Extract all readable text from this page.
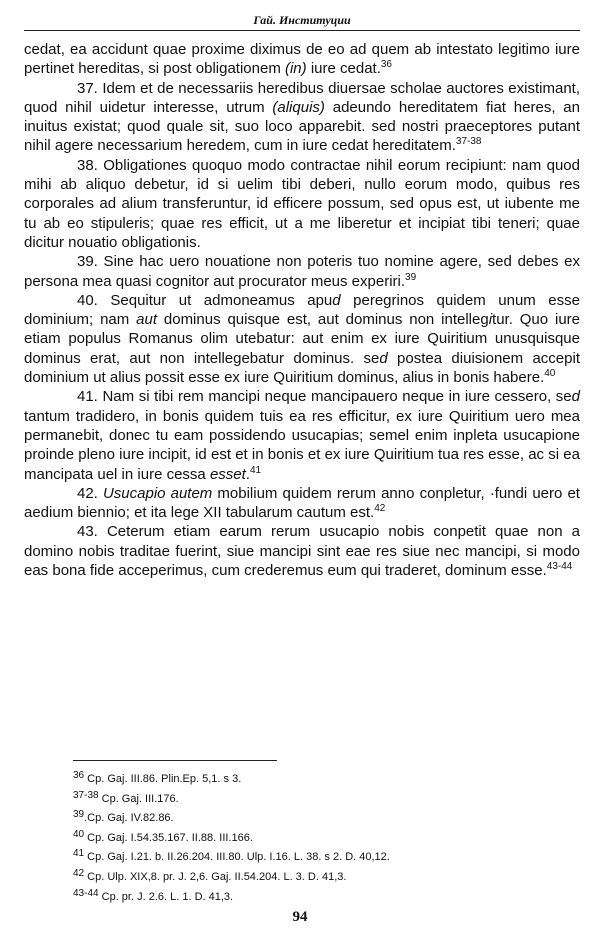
Гай. Институции

cedat, ea accidunt quae proxime diximus de eo ad quem ab intestato legitimo iure pertinet hereditas, si post obligationem (in) iure cedat.$^{36}$

37. Idem et de necessariis heredibus diuersae scholae auctores existimant, quod nihil uidetur interesse, utrum (aliquis) adeundo hereditatem fiat heres, an inuitus existat; quod quale sit, suo loco apparebit. sed nostri praeceptores putant nihil agere necessarium heredem, cum in iure cedat hereditatem.$^{37-38}$

38. Obligationes quoquo modo contractae nihil eorum recipiunt: nam quod mihi ab aliquo debetur, id si uelim tibi deberi, nullo eorum modo, quibus res corporales ad alium transferuntur, id efficere possum, sed opus est, ut iubente me tu ab eo stipuleris; quae res efficit, ut a me liberetur et incipiat tibi teneri; quae dicitur nouatio obligationis.

39. Sine hac uero nouatione non poteris tuo nomine agere, sed debes ex persona mea quasi cognitor aut procurator meus experiri.$^{39}$

40. Sequitur ut admoneamus apud peregrinos quidem unum esse dominium; nam aut dominus quisque est, aut dominus non intellegitur. Quo iure etiam populus Romanus olim utebatur: aut enim ex iure Quiritium unusquisque dominus erat, aut non intellegebatur dominus. sed postea diuisionem accepit dominium ut alius possit esse ex iure Quiritium dominus, alius in bonis habere.$^{40}$

41. Nam si tibi rem mancipi neque mancipauero neque in iure cessero, sed tantum tradidero, in bonis quidem tuis ea res efficitur, ex iure Quiritium uero mea permanebit, donec tu eam possidendo usucapias; semel enim inpleta usucapione proinde pleno iure incipit, id est et in bonis et ex iure Quiritium tua res esse, ac si ea mancipata uel in iure cessa esset.$^{41}$

42. Usucapio autem mobilium quidem rerum anno conpletur, ·fundi uero et aedium biennio; et ita lege XII tabularum cautum est.$^{42}$

43. Ceterum etiam earum rerum usucapio nobis conpetit quae non a domino nobis traditae fuerint, siue mancipi sint eae res siue nec mancipi, si modo eas bona fide acceperimus, cum crederemus eum qui traderet, dominum esse.$^{43-44}$

$^{36}$ Cp. Gaj. III.86. Plin.Ep. 5,1. s 3.
$^{37-38}$ Cp. Gaj. III.176.
$^{39}$.Cp. Gaj. IV.82.86.
$^{40}$ Cp. Gaj. I.54.35.167. II.88. III.166.
$^{41}$ Cp. Gaj. I.21. b. II.26.204. III.80. Ulp. I.16. L. 38. s 2. D. 40,12.
$^{42}$ Cp. Ulp. XIX,8. pr. J. 2,6. Gaj. II.54.204. L. 3. D. 41,3.
$^{43-44}$ Cp. pr. J. 2.6. L. 1. D. 41,3.
94
